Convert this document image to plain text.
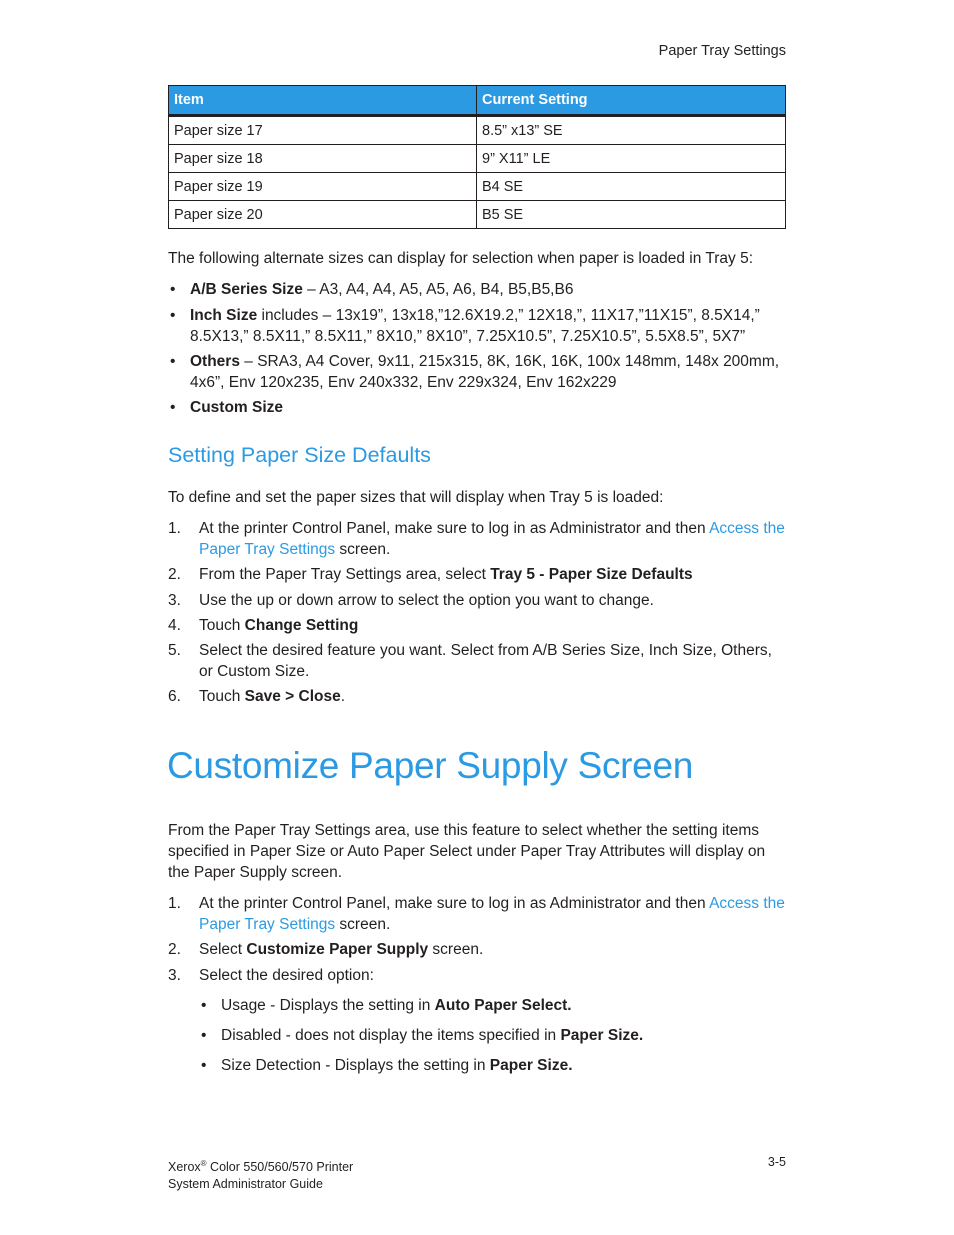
Paper Tray Settings
Item	Current Setting
Paper size 17	8.5” x13” SE
Paper size 18	9” X11” LE
Paper size 19	B4 SE
Paper size 20	B5 SE
The following alternate sizes can display for selection when paper is loaded in Tray 5:
• A/B Series Size – A3, A4, A4, A5, A5, A6, B4, B5,B5,B6
• Inch Size includes – 13x19”, 13x18,”12.6X19.2,” 12X18,”, 11X17,”11X15”, 8.5X14,” 8.5X13,” 8.5X11,” 8.5X11,” 8X10,” 8X10”, 7.25X10.5”, 7.25X10.5”, 5.5X8.5”, 5X7”
• Others – SRA3, A4 Cover, 9x11, 215x315, 8K, 16K, 16K, 100x 148mm, 148x 200mm, 4x6”, Env 120x235, Env 240x332, Env 229x324, Env 162x229
• Custom Size
Setting Paper Size Defaults
To define and set the paper sizes that will display when Tray 5 is loaded:
1. At the printer Control Panel, make sure to log in as Administrator and then Access the Paper Tray Settings screen.
2. From the Paper Tray Settings area, select Tray 5 - Paper Size Defaults
3. Use the up or down arrow to select the option you want to change.
4. Touch Change Setting
5. Select the desired feature you want. Select from A/B Series Size, Inch Size, Others, or Custom Size.
6. Touch Save > Close.
Customize Paper Supply Screen
From the Paper Tray Settings area, use this feature to select whether the setting items specified in Paper Size or Auto Paper Select under Paper Tray Attributes will display on the Paper Supply screen.
1. At the printer Control Panel, make sure to log in as Administrator and then Access the Paper Tray Settings screen.
2. Select Customize Paper Supply screen.
3. Select the desired option:
• Usage - Displays the setting in Auto Paper Select.
• Disabled - does not display the items specified in Paper Size.
• Size Detection - Displays the setting in Paper Size.
Xerox® Color 550/560/570 Printer
System Administrator Guide
3-5
